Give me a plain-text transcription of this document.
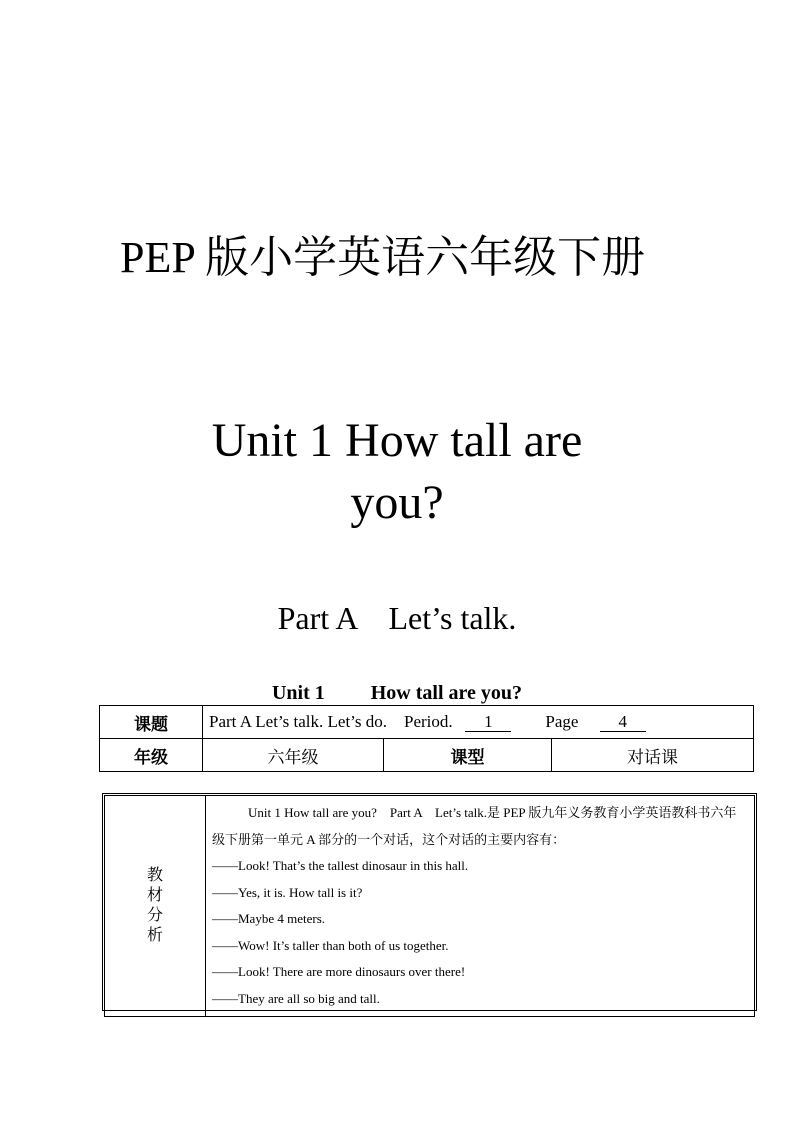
PEP 版小学英语六年级下册
Unit 1 How tall are
you?
Part A Let’s talk.
Unit 1 How tall are you?
课题	Part A Let’s talk. Let’s do. Period. 1 Page 4		
年级	六年级	课型	对话课
教
材
分
析

Unit 1 How tall are you?　Part A　Let’s talk.是 PEP 版九年义务教育小学英语教科书六年级下册第一单元 A 部分的一个对话，这个对话的主要内容有：

——Look! That’s the tallest dinosaur in this hall.

——Yes, it is. How tall is it?

——Maybe 4 meters.

——Wow! It’s taller than both of us together.

——Look! There are more dinosaurs over there!

——They are all so big and tall.
